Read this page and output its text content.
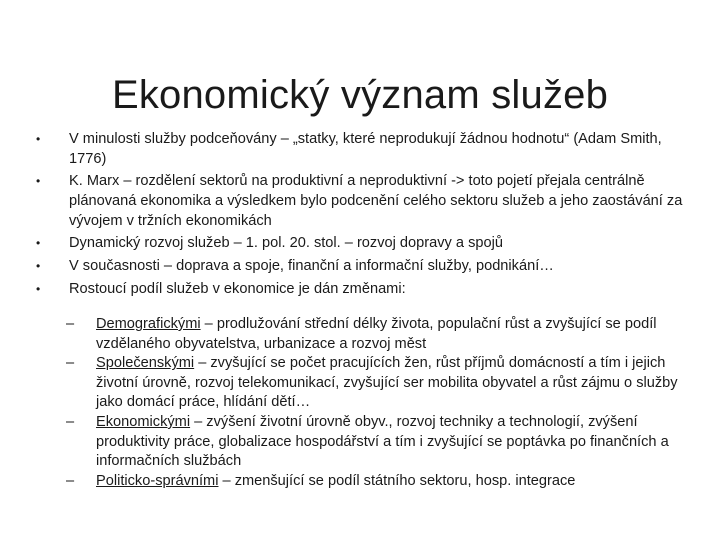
Ekonomický význam služeb
• V minulosti služby podceňovány – „statky, které neprodukují žádnou hodnotu“ (Adam Smith, 1776)
• K. Marx – rozdělení sektorů na produktivní a neproduktivní -> toto pojetí přejala centrálně plánovaná ekonomika a výsledkem bylo podcenění celého sektoru služeb a jeho zaostávání za vývojem v tržních ekonomikách
• Dynamický rozvoj služeb – 1. pol. 20. stol. – rozvoj dopravy a spojů
• V současnosti – doprava a spoje, finanční a informační služby, podnikání…
• Rostoucí podíl služeb v ekonomice je dán změnami:
– Demografickými – prodlužování střední délky života, populační růst a zvyšující se podíl vzdělaného obyvatelstva, urbanizace a rozvoj měst
– Společenskými – zvyšující se počet pracujících žen, růst příjmů domácností a tím i jejich životní úrovně, rozvoj telekomunikací, zvyšující ser mobilita obyvatel a růst zájmu o služby jako domácí práce, hlídání dětí…
– Ekonomickými – zvýšení životní úrovně obyv., rozvoj techniky a technologií, zvýšení produktivity práce, globalizace hospodářství a tím i zvyšující se poptávka po finančních a informačních službách
– Politicko-správními – zmenšující se podíl státního sektoru, hosp. integrace
